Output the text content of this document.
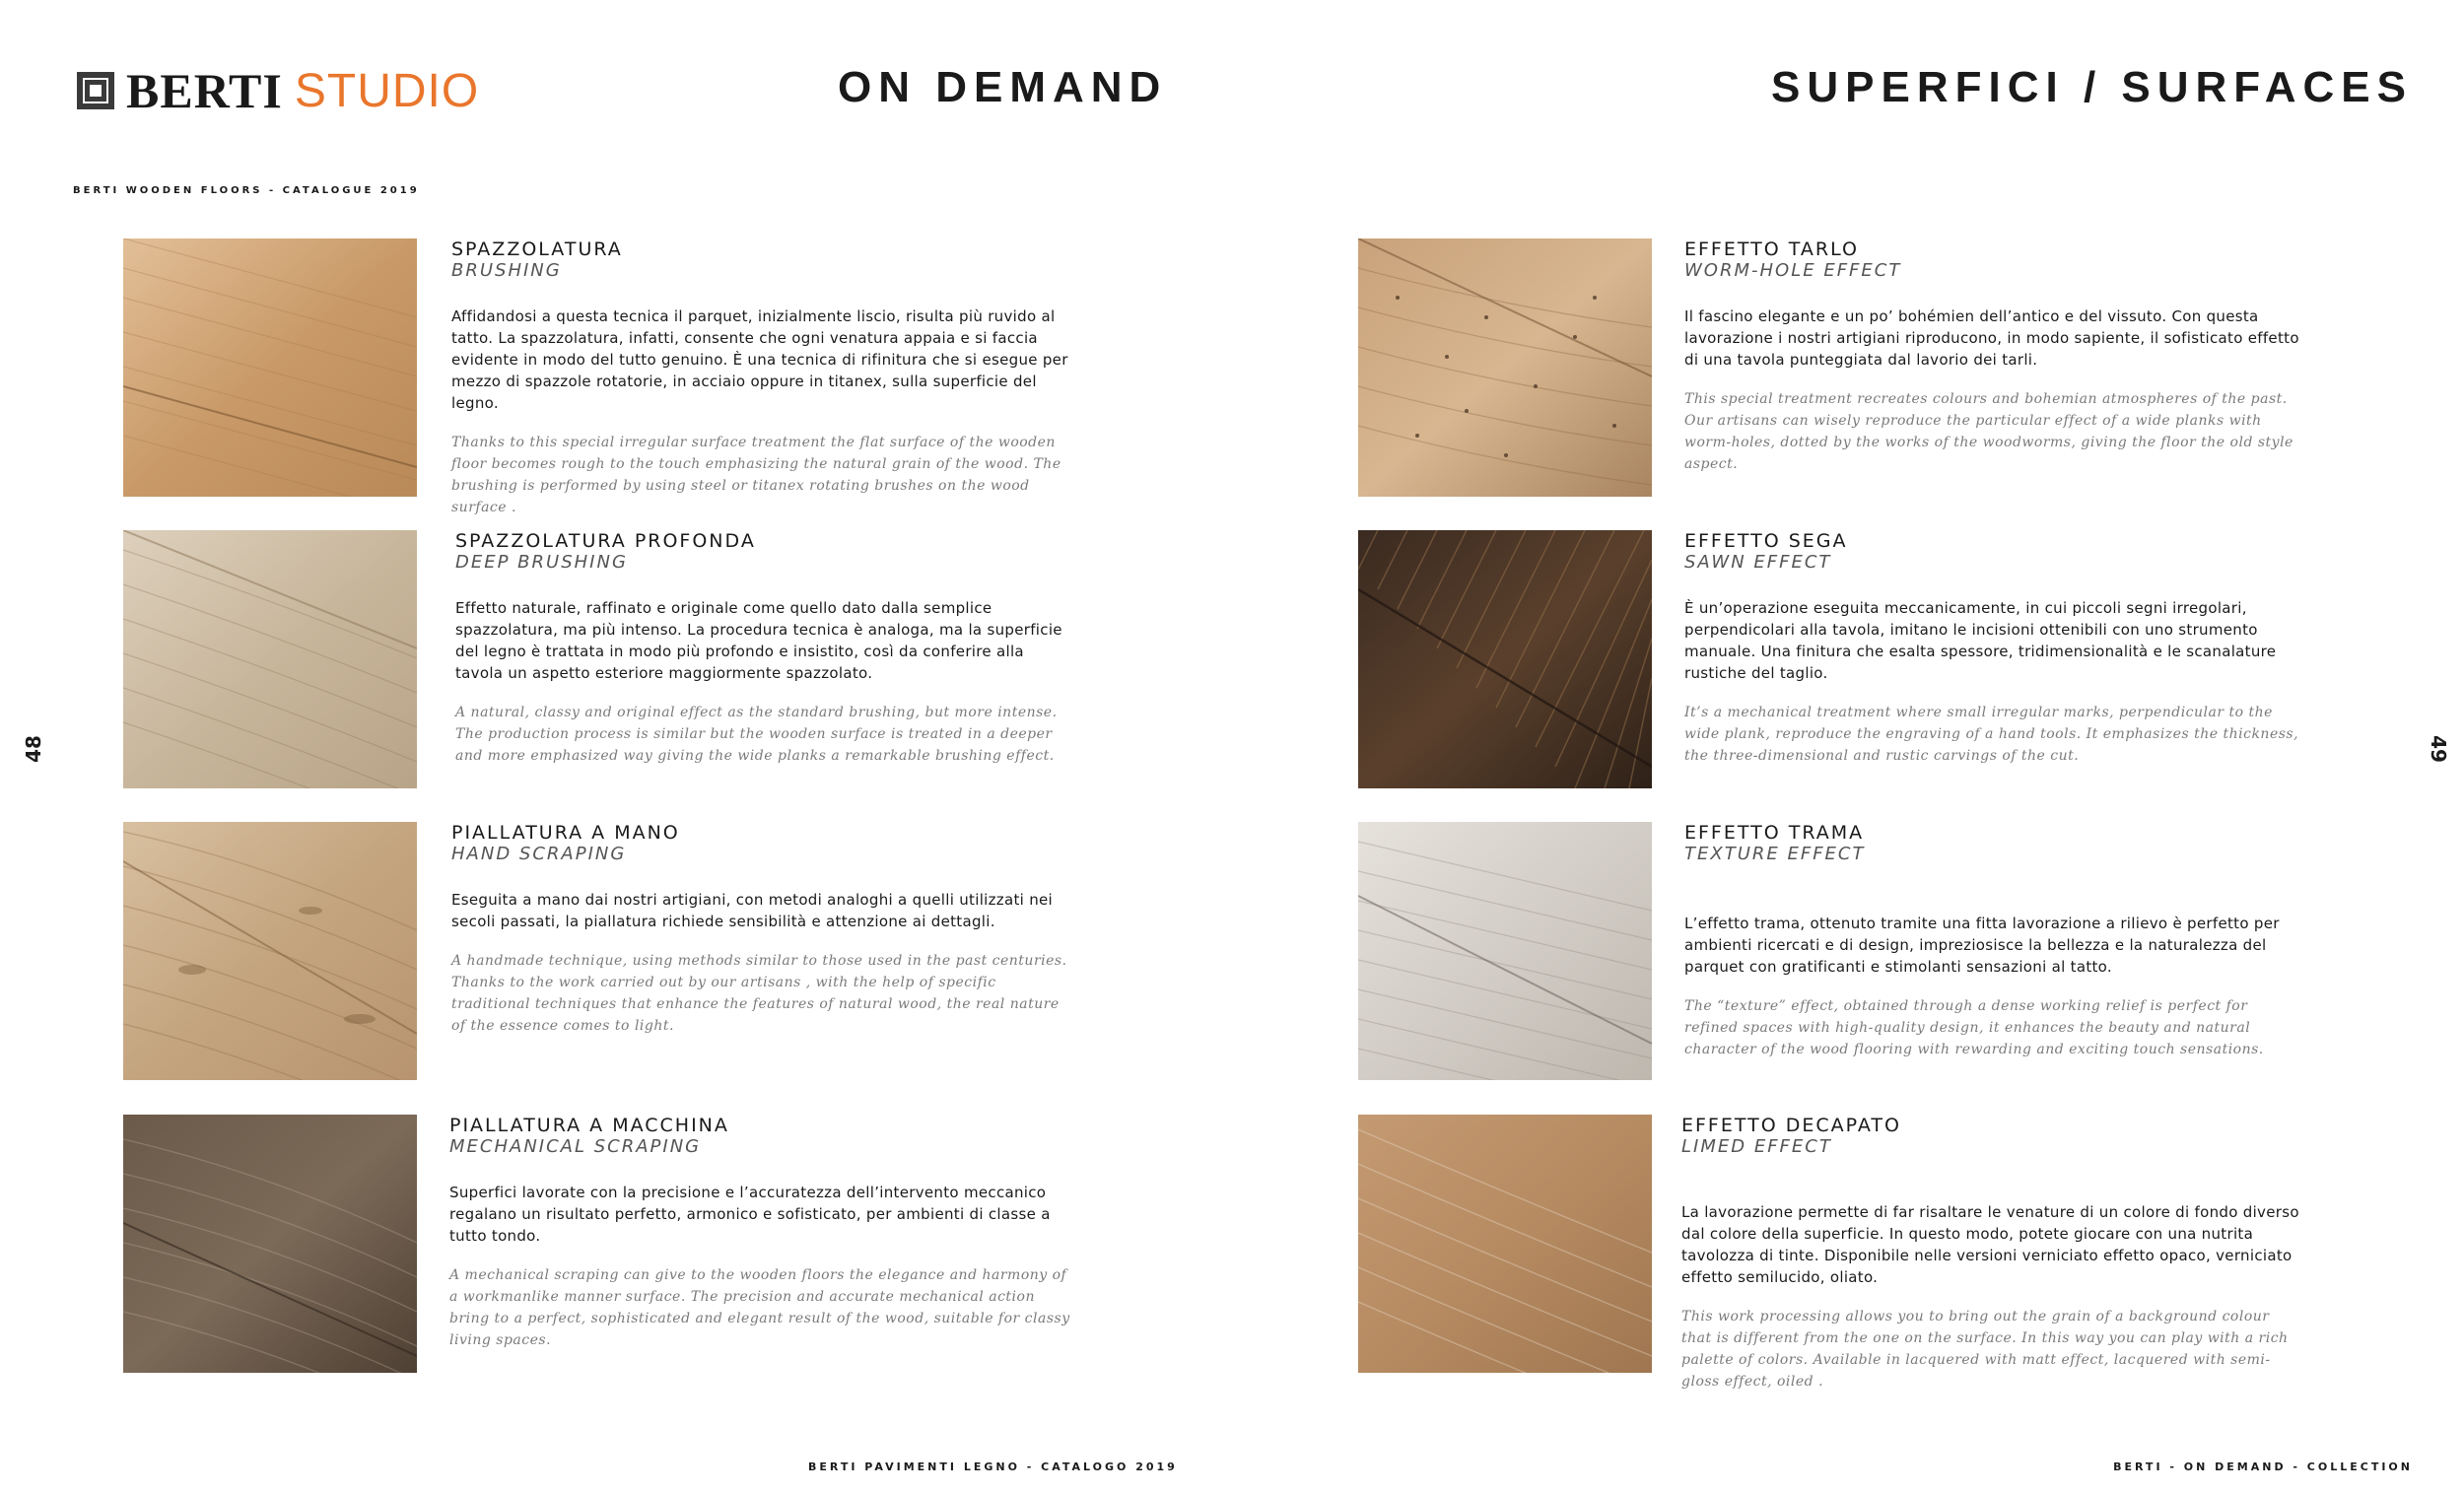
BERTI STUDIO	ON DEMAND	SUPERFICI / SURFACES
BERTI WOODEN FLOORS - CATALOGUE 2019
48	49
SPAZZOLATURA
BRUSHING
Affidandosi a questa tecnica il parquet, inizialmente liscio, risulta più ruvido al tatto. La spazzolatura, infatti, consente che ogni venatura appaia e si faccia evidente in modo del tutto genuino. È una tecnica di rifinitura che si esegue per mezzo di spazzole rotatorie, in acciaio oppure in titanex, sulla superficie del legno.
Thanks to this special irregular surface treatment the flat surface of the wooden floor becomes rough to the touch emphasizing the natural grain of the wood. The brushing is performed by using steel or titanex rotating brushes on the wood surface .
SPAZZOLATURA PROFONDA
DEEP BRUSHING
Effetto naturale, raffinato e originale come quello dato dalla semplice spazzolatura, ma più intenso. La procedura tecnica è analoga, ma la superficie del legno è trattata in modo più profondo e insistito, così da conferire alla tavola un aspetto esteriore maggiormente spazzolato.
A natural, classy and original effect as the standard brushing, but more intense. The production process is similar but the wooden surface is treated in a deeper and more emphasized way giving the wide planks a remarkable brushing effect.
PIALLATURA A MANO
HAND SCRAPING
Eseguita a mano dai nostri artigiani, con metodi analoghi a quelli utilizzati nei secoli passati, la piallatura richiede sensibilità e attenzione ai dettagli.
A handmade technique, using methods similar to those used in the past centuries. Thanks to the work carried out by our artisans , with the help of specific traditional techniques that enhance the features of natural wood, the real nature of the essence comes to light.
PIALLATURA A MACCHINA
MECHANICAL SCRAPING
Superfici lavorate con la precisione e l’accuratezza dell’intervento meccanico regalano un risultato perfetto, armonico e sofisticato, per ambienti di classe a tutto tondo.
A mechanical scraping can give to the wooden floors the elegance and harmony of a workmanlike manner surface. The precision and accurate mechanical action bring to a perfect, sophisticated and elegant result of the wood, suitable for classy living spaces.
EFFETTO TARLO
WORM-HOLE EFFECT
Il fascino elegante e un po’ bohémien dell’antico e del vissuto. Con questa lavorazione i nostri artigiani riproducono, in modo sapiente, il sofisticato effetto di una tavola punteggiata dal lavorio dei tarli.
This special treatment recreates colours and bohemian atmospheres of the past. Our artisans can wisely reproduce the particular effect of a wide planks with worm-holes, dotted by the works of the woodworms, giving the floor the old style aspect.
EFFETTO SEGA
SAWN EFFECT
È un’operazione eseguita meccanicamente, in cui piccoli segni irregolari, perpendicolari alla tavola, imitano le incisioni ottenibili con uno strumento manuale. Una finitura che esalta spessore, tridimensionalità e le scanalature rustiche del taglio.
It’s a mechanical treatment where small irregular marks, perpendicular to the wide plank, reproduce the engraving of a hand tools. It emphasizes the thickness, the three-dimensional and rustic carvings of the cut.
EFFETTO TRAMA
TEXTURE EFFECT
L’effetto trama, ottenuto tramite una fitta lavorazione a rilievo è perfetto per ambienti ricercati e di design, impreziosisce la bellezza e la naturalezza del parquet con gratificanti e stimolanti sensazioni al tatto.
The “texture” effect, obtained through a dense working relief is perfect for refined spaces with high-quality design, it enhances the beauty and natural character of the wood flooring with rewarding and exciting touch sensations.
EFFETTO DECAPATO
LIMED EFFECT
La lavorazione permette di far risaltare le venature di un colore di fondo diverso dal colore della superficie. In questo modo, potete giocare con una nutrita tavolozza di tinte. Disponibile nelle versioni verniciato effetto opaco, verniciato effetto semilucido, oliato.
This work processing allows you to bring out the grain of a background colour that is different from the one on the surface. In this way you can play with a rich palette of colors. Available in lacquered with matt effect, lacquered with semi-gloss effect, oiled .
BERTI PAVIMENTI LEGNO - CATALOGO 2019	BERTI - ON DEMAND - COLLECTION
